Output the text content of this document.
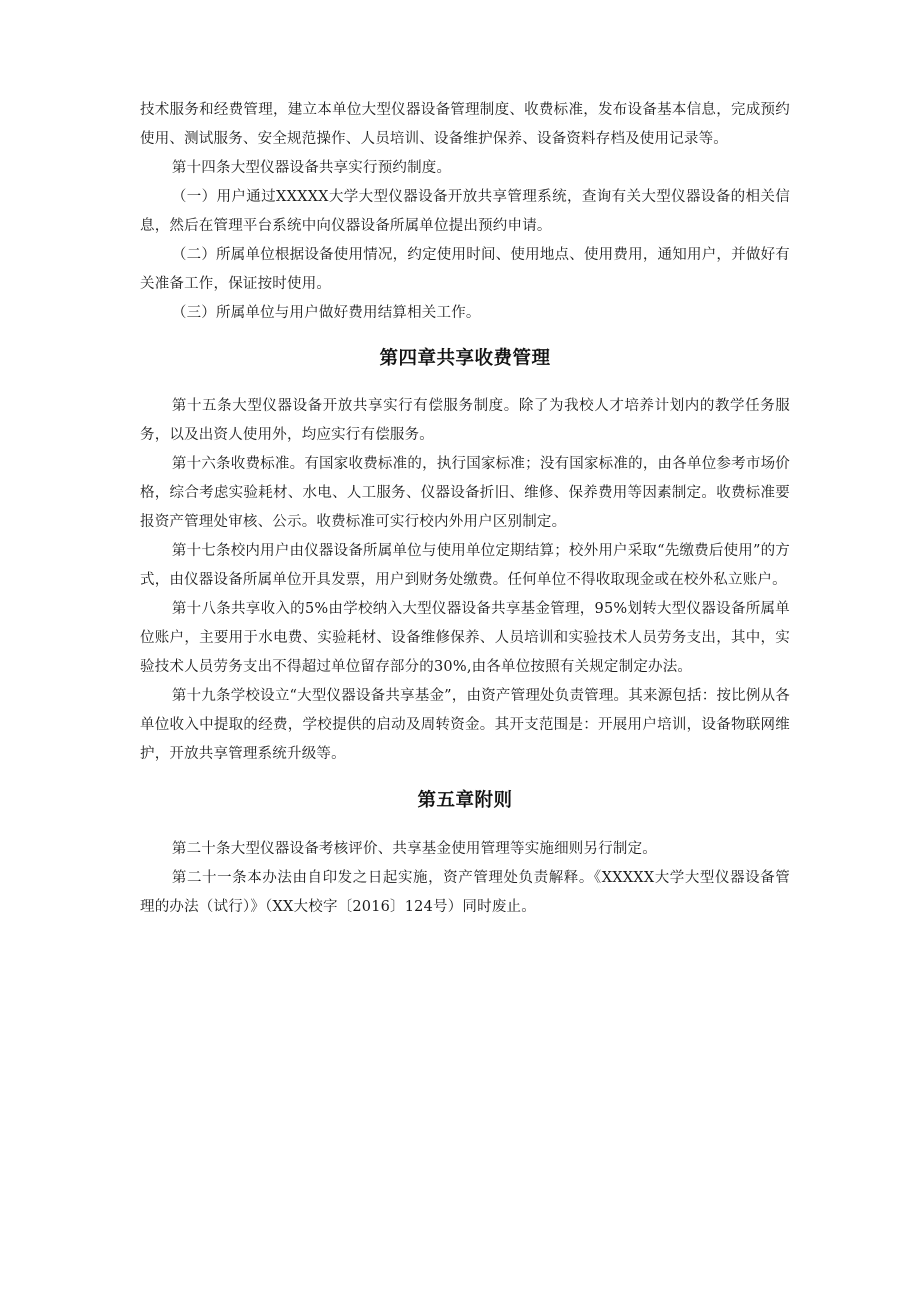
技术服务和经费管理，建立本单位大型仪器设备管理制度、收费标准，发布设备基本信息，完成预约使用、测试服务、安全规范操作、人员培训、设备维护保养、设备资料存档及使用记录等。

第十四条大型仪器设备共享实行预约制度。

（一）用户通过XXXXX大学大型仪器设备开放共享管理系统，查询有关大型仪器设备的相关信息，然后在管理平台系统中向仪器设备所属单位提出预约申请。

（二）所属单位根据设备使用情况，约定使用时间、使用地点、使用费用，通知用户，并做好有关准备工作，保证按时使用。

（三）所属单位与用户做好费用结算相关工作。

第四章共享收费管理

第十五条大型仪器设备开放共享实行有偿服务制度。除了为我校人才培养计划内的教学任务服务，以及出资人使用外，均应实行有偿服务。

第十六条收费标准。有国家收费标准的，执行国家标准；没有国家标准的，由各单位参考市场价格，综合考虑实验耗材、水电、人工服务、仪器设备折旧、维修、保养费用等因素制定。收费标准要报资产管理处审核、公示。收费标准可实行校内外用户区别制定。

第十七条校内用户由仪器设备所属单位与使用单位定期结算；校外用户采取“先缴费后使用”的方式，由仪器设备所属单位开具发票，用户到财务处缴费。任何单位不得收取现金或在校外私立账户。

第十八条共享收入的5%由学校纳入大型仪器设备共享基金管理，95%划转大型仪器设备所属单位账户，主要用于水电费、实验耗材、设备维修保养、人员培训和实验技术人员劳务支出，其中，实验技术人员劳务支出不得超过单位留存部分的30%,由各单位按照有关规定制定办法。

第十九条学校设立“大型仪器设备共享基金”，由资产管理处负责管理。其来源包括：按比例从各单位收入中提取的经费，学校提供的启动及周转资金。其开支范围是：开展用户培训，设备物联网维护，开放共享管理系统升级等。

第五章附则

第二十条大型仪器设备考核评价、共享基金使用管理等实施细则另行制定。

第二十一条本办法由自印发之日起实施，资产管理处负责解释。《XXXXX大学大型仪器设备管理的办法（试行）》（XX大校字〔2016〕124号）同时废止。
